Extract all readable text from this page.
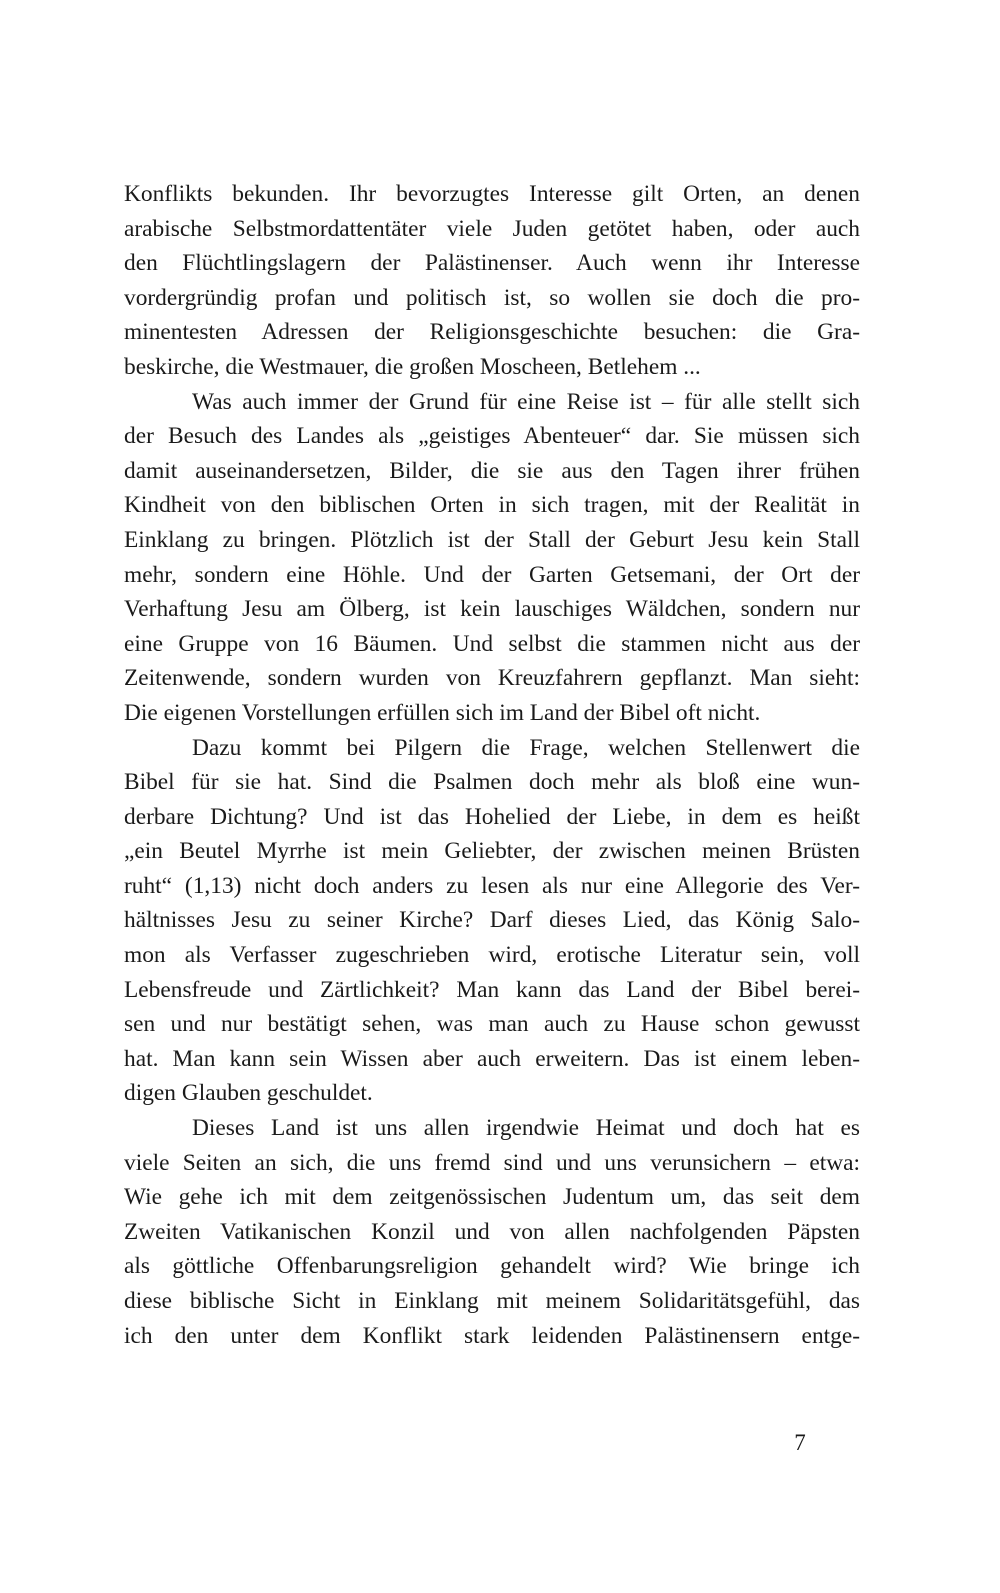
Konflikts bekunden. Ihr bevorzugtes Interesse gilt Orten, an denen
arabische Selbstmordattentäter viele Juden getötet haben, oder auch
den Flüchtlingslagern der Palästinenser. Auch wenn ihr Interesse
vordergründig profan und politisch ist, so wollen sie doch die pro-
minentesten Adressen der Religionsgeschichte besuchen: die Gra-
beskirche, die Westmauer, die großen Moscheen, Betlehem ...
Was auch immer der Grund für eine Reise ist – für alle stellt sich
der Besuch des Landes als „geistiges Abenteuer“ dar. Sie müssen sich
damit auseinandersetzen, Bilder, die sie aus den Tagen ihrer frühen
Kindheit von den biblischen Orten in sich tragen, mit der Realität in
Einklang zu bringen. Plötzlich ist der Stall der Geburt Jesu kein Stall
mehr, sondern eine Höhle. Und der Garten Getsemani, der Ort der
Verhaftung Jesu am Ölberg, ist kein lauschiges Wäldchen, sondern nur
eine Gruppe von 16 Bäumen. Und selbst die stammen nicht aus der
Zeitenwende, sondern wurden von Kreuzfahrern gepflanzt. Man sieht:
Die eigenen Vorstellungen erfüllen sich im Land der Bibel oft nicht.
Dazu kommt bei Pilgern die Frage, welchen Stellenwert die
Bibel für sie hat. Sind die Psalmen doch mehr als bloß eine wun-
derbare Dichtung? Und ist das Hohelied der Liebe, in dem es heißt
„ein Beutel Myrrhe ist mein Geliebter, der zwischen meinen Brüsten
ruht“ (1,13) nicht doch anders zu lesen als nur eine Allegorie des Ver-
hältnisses Jesu zu seiner Kirche? Darf dieses Lied, das König Salo-
mon als Verfasser zugeschrieben wird, erotische Literatur sein, voll
Lebensfreude und Zärtlichkeit? Man kann das Land der Bibel berei-
sen und nur bestätigt sehen, was man auch zu Hause schon gewusst
hat. Man kann sein Wissen aber auch erweitern. Das ist einem leben-
digen Glauben geschuldet.
Dieses Land ist uns allen irgendwie Heimat und doch hat es
viele Seiten an sich, die uns fremd sind und uns verunsichern – etwa:
Wie gehe ich mit dem zeitgenössischen Judentum um, das seit dem
Zweiten Vatikanischen Konzil und von allen nachfolgenden Päpsten
als göttliche Offenbarungsreligion gehandelt wird? Wie bringe ich
diese biblische Sicht in Einklang mit meinem Solidaritätsgefühl, das
ich den unter dem Konflikt stark leidenden Palästinensern entge-
7
